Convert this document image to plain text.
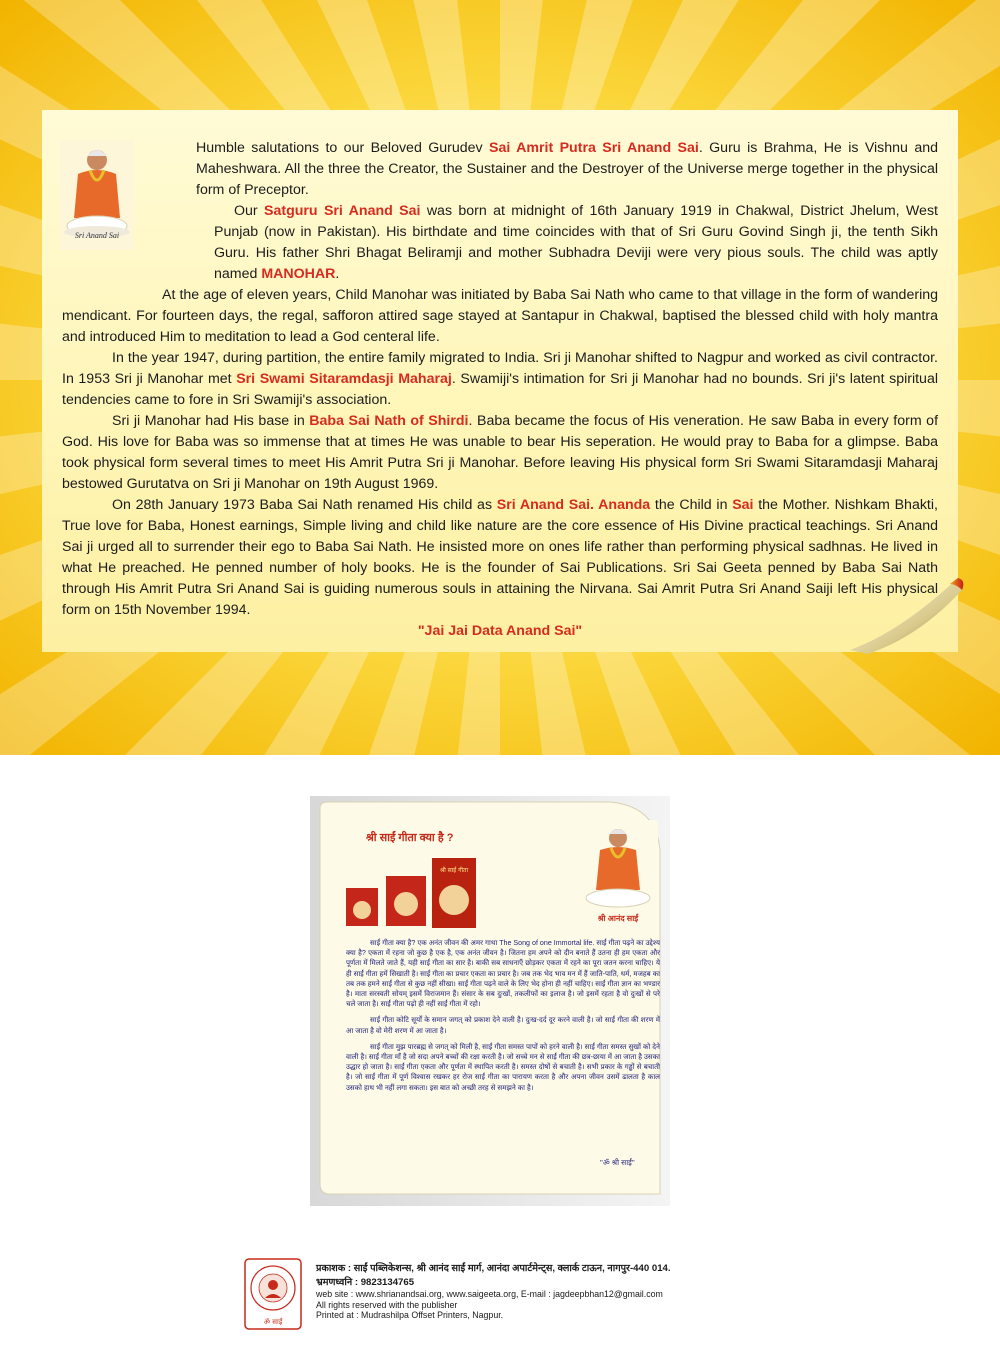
Sri Anand Sai

Humble salutations to our Beloved Gurudev Sai Amrit Putra Sri Anand Sai. Guru is Brahma, He is Vishnu and Maheshwara. All the three the Creator, the Sustainer and the Destroyer of the Universe merge together in the physical form of Preceptor.

Our Satguru Sri Anand Sai was born at midnight of 16th January 1919 in Chakwal, District Jhelum, West Punjab (now in Pakistan). His birthdate and time coincides with that of Sri Guru Govind Singh ji, the tenth Sikh Guru. His father Shri Bhagat Beliramji and mother Subhadra Deviji were very pious souls. The child was aptly named MANOHAR.

At the age of eleven years, Child Manohar was initiated by Baba Sai Nath who came to that village in the form of wandering mendicant. For fourteen days, the regal, safforon attired sage stayed at Santapur in Chakwal, baptised the blessed child with holy mantra and introduced Him to meditation to lead a God centeral life.

In the year 1947, during partition, the entire family migrated to India. Sri ji Manohar shifted to Nagpur and worked as civil contractor. In 1953 Sri ji Manohar met Sri Swami Sitaramdasji Maharaj. Swamiji's intimation for Sri ji Manohar had no bounds. Sri ji's latent spiritual tendencies came to fore in Sri Swamiji's association.

Sri ji Manohar had His base in Baba Sai Nath of Shirdi. Baba became the focus of His veneration. He saw Baba in every form of God. His love for Baba was so immense that at times He was unable to bear His seperation. He would pray to Baba for a glimpse. Baba took physical form several times to meet His Amrit Putra Sri ji Manohar. Before leaving His physical form Sri Swami Sitaramdasji Maharaj bestowed Gurutatva on Sri ji Manohar on 19th August 1969.

On 28th January 1973 Baba Sai Nath renamed His child as Sri Anand Sai. Ananda the Child in Sai the Mother. Nishkam Bhakti, True love for Baba, Honest earnings, Simple living and child like nature are the core essence of His Divine practical teachings. Sri Anand Sai ji urged all to surrender their ego to Baba Sai Nath. He insisted more on ones life rather than performing physical sadhnas. He lived in what He preached. He penned number of holy books. He is the founder of Sai Publications. Sri Sai Geeta penned by Baba Sai Nath through His Amrit Putra Sri Anand Sai is guiding numerous souls in attaining the Nirvana. Sai Amrit Putra Sri Anand Saiji left His physical form on 15th November 1994.

"Jai Jai Data Anand Sai"

श्री साईं गीता क्या है ?
श्री साईं गीता
श्री आनंद साईं

साईं गीता क्या है? एक अनंत जीवन की अमर गाथा The Song of one Immortal life. साईं गीता पढ़ने का उद्देश्य क्या है? एकता में रहना जो कुछ है एक है, एक अनंत जीवन है। जितना हम अपने को दीन बनाते हैं उतना ही हम एकता और पूर्णता में मिलते जाते हैं, यही साईं गीता का सार है। बाकी सब साधनाएँ छोड़कर एकता में रहने का पूरा जतन करना चाहिए। ये ही साईं गीता हमें सिखाती है। साईं गीता का प्रचार एकता का प्रचार है। जब तक भेद भाव मन में हैं जाति-पाति, धर्म, मजहब का तब तक हमने साईं गीता से कुछ नहीं सीखा। साईं गीता पढ़ने वाले के लिए भेद होना ही नहीं चाहिए। साईं गीता ज्ञान का भण्डार है। माता सरस्वती सोयम् इसमें विराजमान हैं। संसार के सब दुःखों, तकलीफों का इलाज है। जो इसमें रहता है वो दुःखों से परे चले जाता है। साईं गीता पढ़ो ही नहीं साईं गीता में रहो।

साईं गीता कोटि सूर्यों के समान जगत् को प्रकाश देने वाली है। दुःख-दर्द दूर करने वाली है। जो साईं गीता की शरण में आ जाता है वो मेरी शरण में आ जाता है।

साईं गीता मुझ पारब्रह्म से जगत् को मिली है, साईं गीता समस्त पापों को हरने वाली है। साईं गीता समस्त सुखों को देने वाली है। साईं गीता माँ है जो सदा अपने बच्चों की रक्षा करती है। जो सच्चे मन से साईं गीता की छत्र-छाया में आ जाता है उसका उद्धार हो जाता है। साईं गीता एकता और पूर्णता में स्थापित करती है। समस्त दोषों से बचाती है। सभी प्रकार के गड्ढों से बचाती है। जो साईं गीता में पूर्ण विश्वास रखकर हर रोज साईं गीता का पारायण करता है और अपना जीवन उसमें ढालता है काल उसको हाथ भी नहीं लगा सकता। इस बात को अच्छी तरह से समझने का है।

''ॐ श्री साईं''
ॐ साईं
प्रकाशक : साईं पब्लिकेशन्स, श्री आनंद साईं मार्ग, आनंदा अपार्टमेन्ट्स, क्लार्क टाऊन, नागपुर-440 014.
भ्रमणध्वनि : 9823134765
web site : www.shrianandsai.org, www.saigeeta.org, E-mail : jagdeepbhan12@gmail.com
All rights reserved with the publisher
Printed at : Mudrashilpa Offset Printers, Nagpur.
